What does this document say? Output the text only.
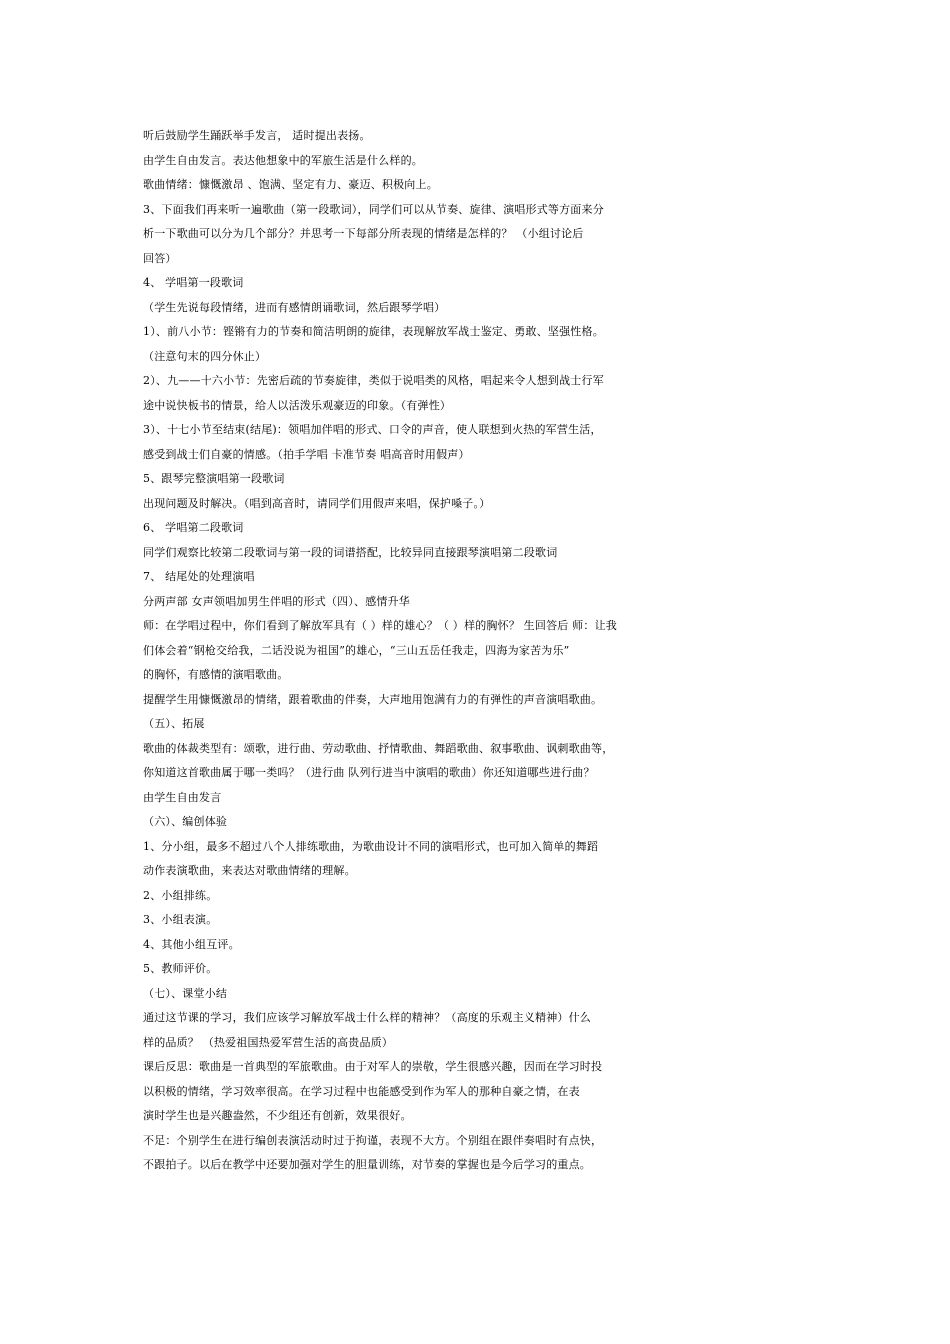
听后鼓励学生踊跃举手发言， 适时提出表扬。
由学生自由发言。表达他想象中的军旅生活是什么样的。
歌曲情绪：慷慨激昂 、饱满、坚定有力、豪迈、积极向上。
3、下面我们再来听一遍歌曲（第一段歌词），同学们可以从节奏、旋律、演唱形式等方面来分
析一下歌曲可以分为几个部分？并思考一下每部分所表现的情绪是怎样的？ （小组讨论后
回答）
4、 学唱第一段歌词
（学生先说每段情绪，进而有感情朗诵歌词，然后跟琴学唱）
1）、前八小节：铿锵有力的节奏和简洁明朗的旋律，表现解放军战士鉴定、勇敢、坚强性格。
（注意句末的四分休止）
2）、九——十六小节：先密后疏的节奏旋律，类似于说唱类的风格，唱起来令人想到战士行军
途中说快板书的情景，给人以活泼乐观豪迈的印象。（有弹性）
3）、十七小节至结束(结尾)：领唱加伴唱的形式、口令的声音，使人联想到火热的军营生活，
感受到战士们自豪的情感。（拍手学唱 卡准节奏 唱高音时用假声）
5、跟琴完整演唱第一段歌词
出现问题及时解决。（唱到高音时，请同学们用假声来唱，保护嗓子。）
6、 学唱第二段歌词
同学们观察比较第二段歌词与第一段的词谱搭配，比较异同直接跟琴演唱第二段歌词
7、 结尾处的处理演唱
分两声部 女声领唱加男生伴唱的形式（四）、感情升华
师：在学唱过程中，你们看到了解放军具有（ ）样的雄心？（ ）样的胸怀？ 生回答后 师：让我
们体会着“钢枪交给我，二话没说为祖国”的雄心，“三山五岳任我走，四海为家苦为乐”
的胸怀，有感情的演唱歌曲。
提醒学生用慷慨激昂的情绪，跟着歌曲的伴奏，大声地用饱满有力的有弹性的声音演唱歌曲。
（五）、拓展
歌曲的体裁类型有：颂歌，进行曲、劳动歌曲、抒情歌曲、舞蹈歌曲、叙事歌曲、讽刺歌曲等，
你知道这首歌曲属于哪一类吗？（进行曲 队列行进当中演唱的歌曲）你还知道哪些进行曲？
由学生自由发言
（六）、编创体验
1、分小组，最多不超过八个人排练歌曲，为歌曲设计不同的演唱形式，也可加入简单的舞蹈
动作表演歌曲，来表达对歌曲情绪的理解。
2、小组排练。
3、小组表演。
4、其他小组互评。
5、教师评价。
（七）、课堂小结
通过这节课的学习，我们应该学习解放军战士什么样的精神？（高度的乐观主义精神）什么
样的品质？ （热爱祖国热爱军营生活的高贵品质）
课后反思：歌曲是一首典型的军旅歌曲。由于对军人的崇敬，学生很感兴趣，因而在学习时投
以积极的情绪，学习效率很高。在学习过程中也能感受到作为军人的那种自豪之情，在表
演时学生也是兴趣盎然，不少组还有创新，效果很好。
不足：个别学生在进行编创表演活动时过于拘谨，表现不大方。个别组在跟伴奏唱时有点快，
不跟拍子。以后在教学中还要加强对学生的胆量训练，对节奏的掌握也是今后学习的重点。
